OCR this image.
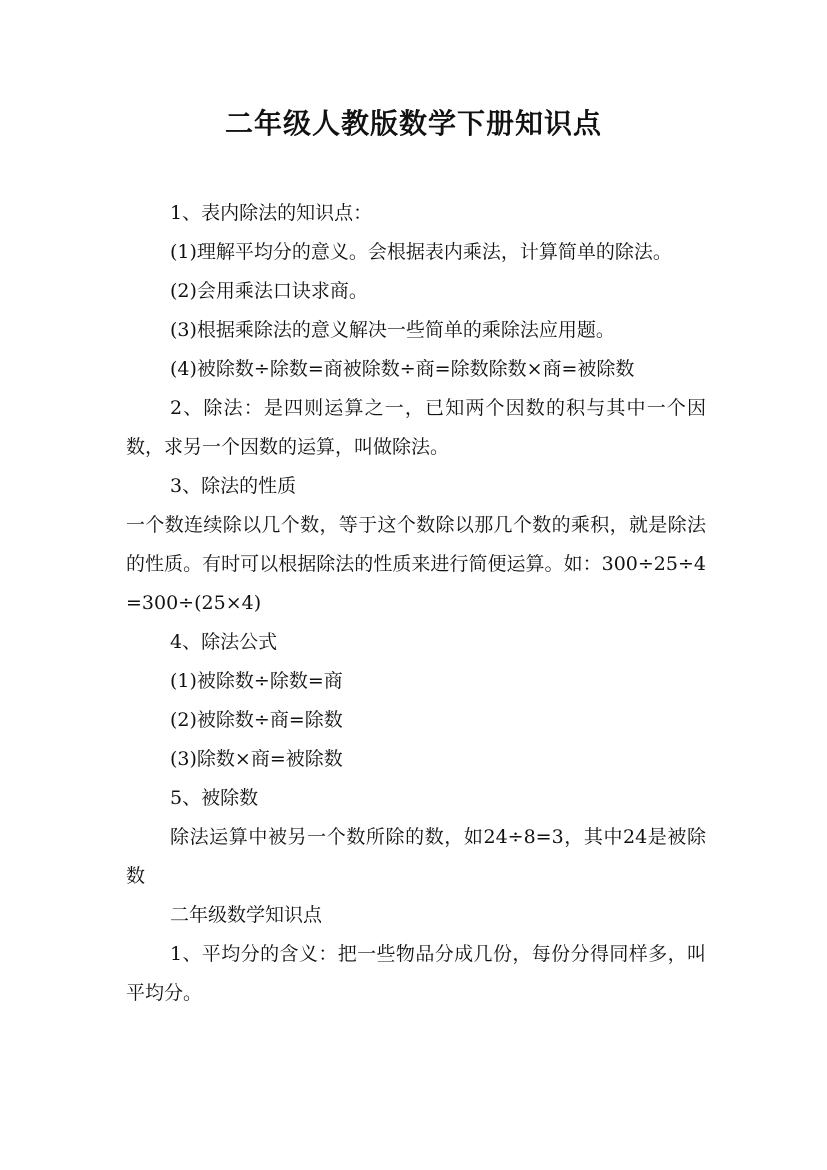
二年级人教版数学下册知识点

1、表内除法的知识点：

(1)理解平均分的意义。会根据表内乘法，计算简单的除法。

(2)会用乘法口诀求商。

(3)根据乘除法的意义解决一些简单的乘除法应用题。

(4)被除数÷除数=商被除数÷商=除数除数×商=被除数

2、除法：是四则运算之一，已知两个因数的积与其中一个因数，求另一个因数的运算，叫做除法。

3、除法的性质

一个数连续除以几个数，等于这个数除以那几个数的乘积，就是除法的性质。有时可以根据除法的性质来进行简便运算。如：300÷25÷4=300÷(25×4)

4、除法公式

(1)被除数÷除数=商

(2)被除数÷商=除数

(3)除数×商=被除数

5、被除数

除法运算中被另一个数所除的数，如24÷8=3，其中24是被除数

二年级数学知识点

1、平均分的含义：把一些物品分成几份，每份分得同样多，叫平均分。
